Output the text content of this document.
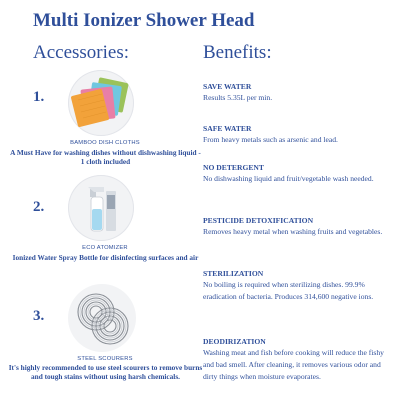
Multi Ionizer Shower Head
Accessories:	Benefits:
1.
BAMBOO DISH CLOTHS
A Must Have for washing dishes without dishwashing liquid - 1 cloth included
2.
ECO ATOMIZER
Ionized Water Spray Bottle for disinfecting surfaces and air
3.
STEEL SCOURERS
It's highly recommended to use steel scourers to remove burns and tough stains without using harsh chemicals.
SAVE WATER
Results 5.35L per min.
SAFE WATER
From heavy metals such as arsenic and lead.
NO DETERGENT
No dishwashing liquid and fruit/vegetable wash needed.
PESTICIDE DETOXIFICATION
Removes heavy metal when washing fruits and vegetables.
STERILIZATION
No boiling is required when sterilizing dishes. 99.9% eradication of bacteria. Produces 314,600 negative ions.
DEODIRIZATION
Washing meat and fish before cooking will reduce the fishy and bad smell. After cleaning, it removes various odor and dirty things when moisture evaporates.
